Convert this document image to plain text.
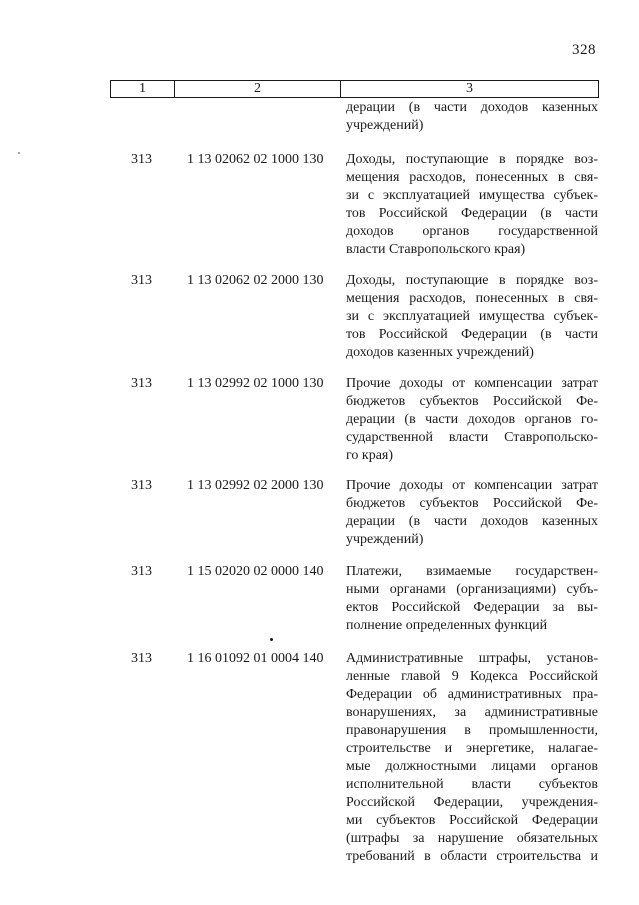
328
1	2	3
дерации (в части доходов казенных
учреждений)
313	1 13 02062 02 1000 130	Доходы, поступающие в порядке воз-
мещения расходов, понесенных в свя-
зи с эксплуатацией имущества субъек-
тов Российской Федерации (в части
доходов органов государственной
власти Ставропольского края)
313	1 13 02062 02 2000 130	Доходы, поступающие в порядке воз-
мещения расходов, понесенных в свя-
зи с эксплуатацией имущества субъек-
тов Российской Федерации (в части
доходов казенных учреждений)
313	1 13 02992 02 1000 130	Прочие доходы от компенсации затрат
бюджетов субъектов Российской Фе-
дерации (в части доходов органов го-
сударственной власти Ставропольско-
го края)
313	1 13 02992 02 2000 130	Прочие доходы от компенсации затрат
бюджетов субъектов Российской Фе-
дерации (в части доходов казенных
учреждений)
313	1 15 02020 02 0000 140	Платежи, взимаемые государствен-
ными органами (организациями) субъ-
ектов Российской Федерации за вы-
полнение определенных функций
313	1 16 01092 01 0004 140	Административные штрафы, установ-
ленные главой 9 Кодекса Российской
Федерации об административных пра-
вонарушениях, за административные
правонарушения в промышленности,
строительстве и энергетике, налагае-
мые должностными лицами органов
исполнительной власти субъектов
Российской Федерации, учреждения-
ми субъектов Российской Федерации
(штрафы за нарушение обязательных
требований в области строительства и
